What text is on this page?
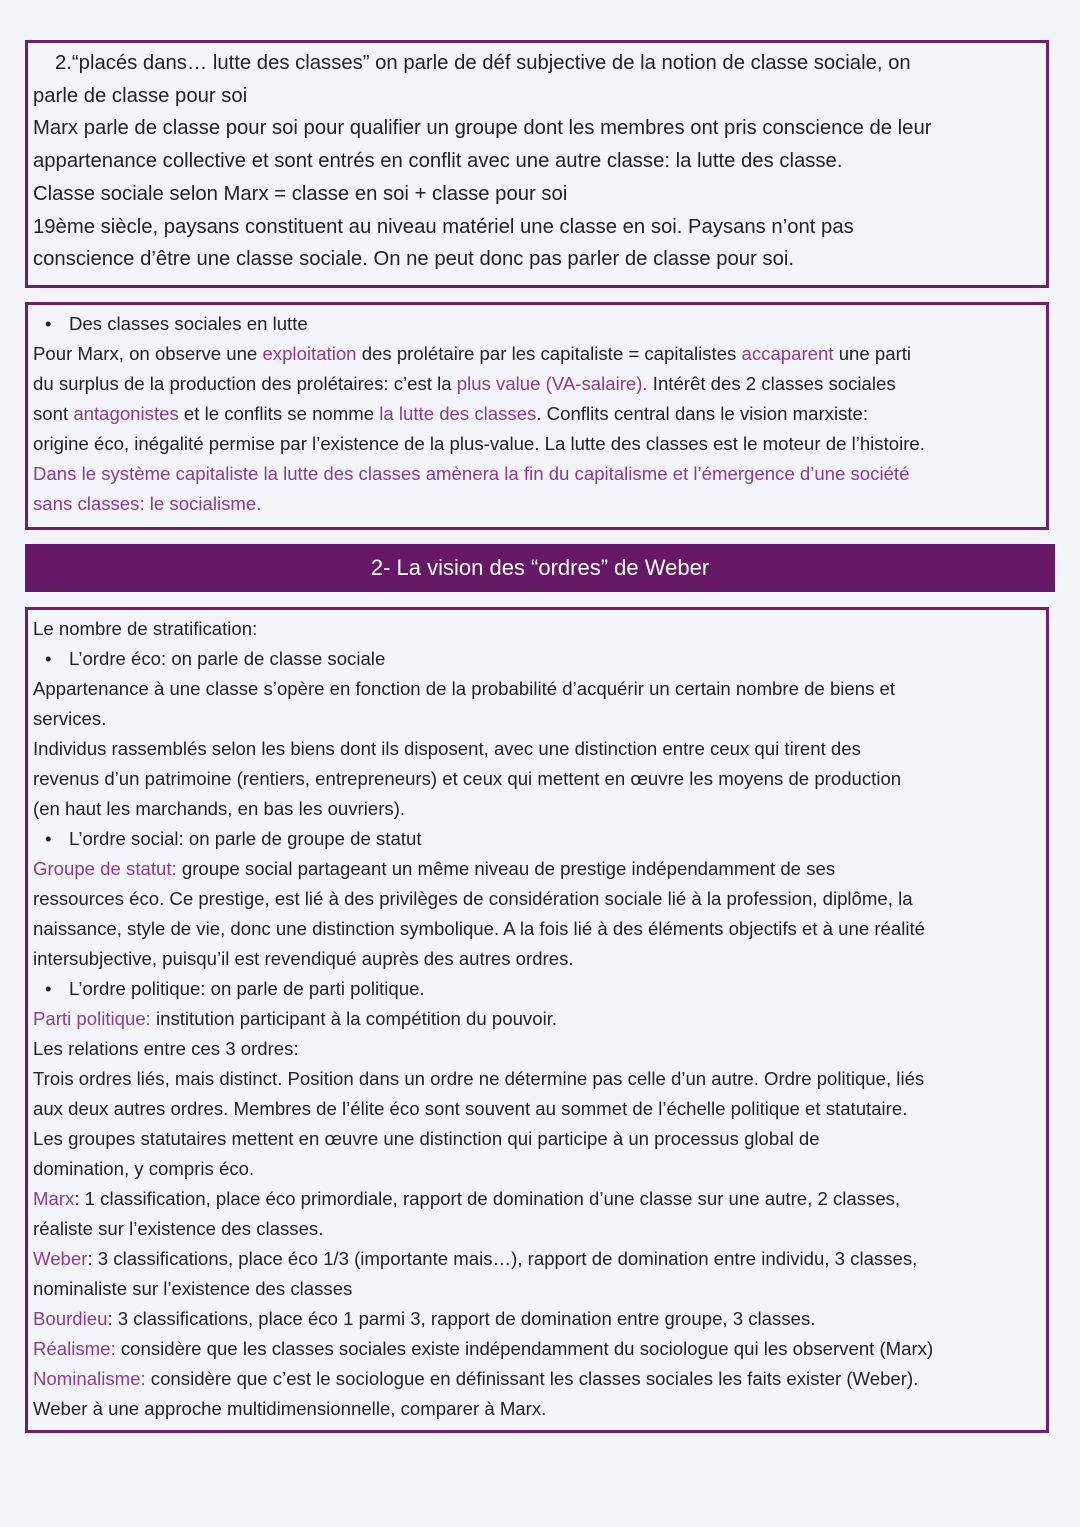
2.“placés dans… lutte des classes” on parle de déf subjective de la notion de classe sociale, on
parle de classe pour soi
Marx parle de classe pour soi pour qualifier un groupe dont les membres ont pris conscience de leur
appartenance collective et sont entrés en conflit avec une autre classe: la lutte des classe.
Classe sociale selon Marx = classe en soi + classe pour soi
19ème siècle, paysans constituent au niveau matériel une classe en soi. Paysans n’ont pas
conscience d’être une classe sociale. On ne peut donc pas parler de classe pour soi.
• Des classes sociales en lutte
Pour Marx, on observe une exploitation des prolétaire par les capitaliste = capitalistes accaparent une parti
du surplus de la production des prolétaires: c’est la plus value (VA-salaire). Intérêt des 2 classes sociales
sont antagonistes et le conflits se nomme la lutte des classes. Conflits central dans le vision marxiste:
origine éco, inégalité permise par l’existence de la plus-value. La lutte des classes est le moteur de l’histoire.
Dans le système capitaliste la lutte des classes amènera la fin du capitalisme et l’émergence d’une société
sans classes: le socialisme.
2- La vision des “ordres” de Weber
Le nombre de stratification:
• L’ordre éco: on parle de classe sociale
Appartenance à une classe s’opère en fonction de la probabilité d’acquérir un certain nombre de biens et
services.
Individus rassemblés selon les biens dont ils disposent, avec une distinction entre ceux qui tirent des
revenus d’un patrimoine (rentiers, entrepreneurs) et ceux qui mettent en œuvre les moyens de production
(en haut les marchands, en bas les ouvriers).
• L’ordre social: on parle de groupe de statut
Groupe de statut: groupe social partageant un même niveau de prestige indépendamment de ses
ressources éco. Ce prestige, est lié à des privilèges de considération sociale lié à la profession, diplôme, la
naissance, style de vie, donc une distinction symbolique. A la fois lié à des éléments objectifs et à une réalité
intersubjective, puisqu’il est revendiqué auprès des autres ordres.
• L’ordre politique: on parle de parti politique.
Parti politique: institution participant à la compétition du pouvoir.
Les relations entre ces 3 ordres:
Trois ordres liés, mais distinct. Position dans un ordre ne détermine pas celle d’un autre. Ordre politique, liés
aux deux autres ordres. Membres de l’élite éco sont souvent au sommet de l’échelle politique et statutaire.
Les groupes statutaires mettent en œuvre une distinction qui participe à un processus global de
domination, y compris éco.
Marx: 1 classification, place éco primordiale, rapport de domination d’une classe sur une autre, 2 classes,
réaliste sur l’existence des classes.
Weber: 3 classifications, place éco 1/3 (importante mais…), rapport de domination entre individu, 3 classes,
nominaliste sur l’existence des classes
Bourdieu: 3 classifications, place éco 1 parmi 3, rapport de domination entre groupe, 3 classes.
Réalisme: considère que les classes sociales existe indépendamment du sociologue qui les observent (Marx)
Nominalisme: considère que c’est le sociologue en définissant les classes sociales les faits exister (Weber).
Weber à une approche multidimensionnelle, comparer à Marx.
